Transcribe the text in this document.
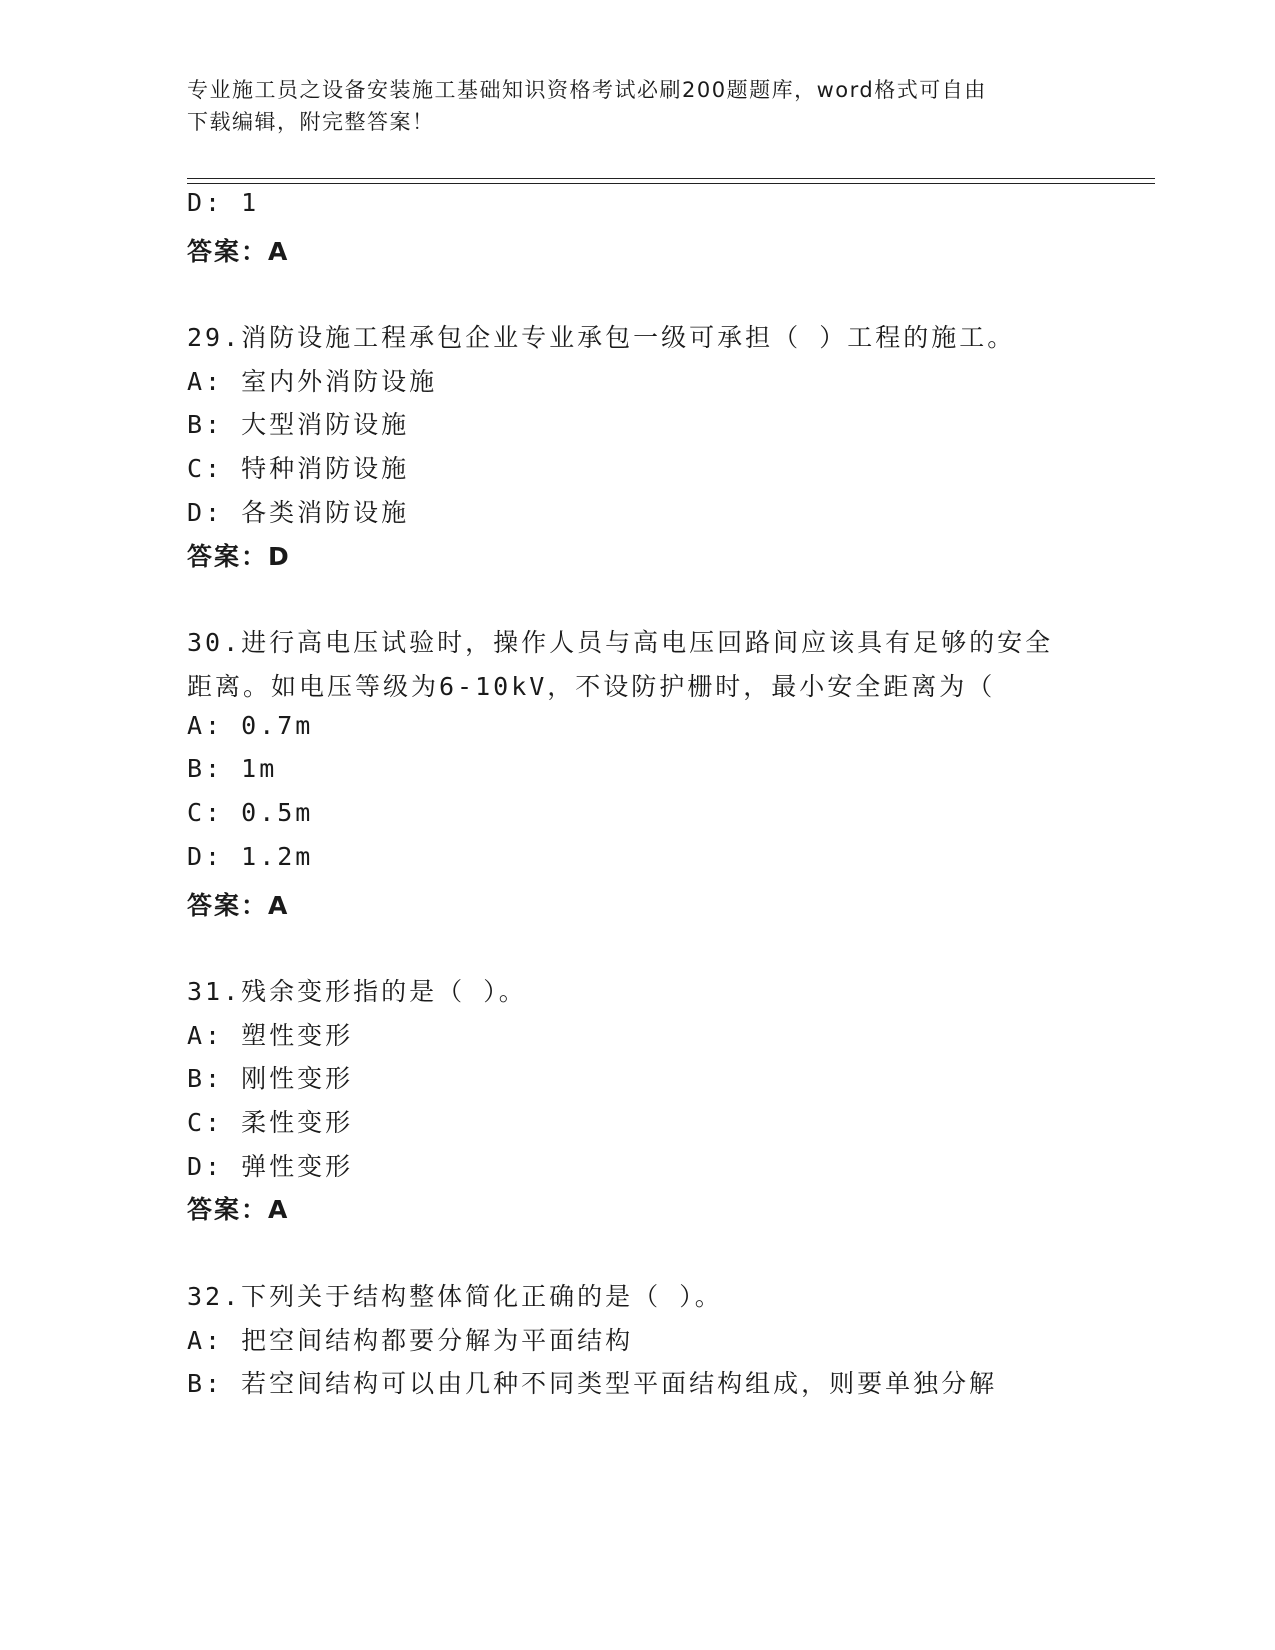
专业施工员之设备安装施工基础知识资格考试必刷200题题库，word格式可自由
下载编辑，附完整答案！
D: 1
答案：A
29.消防设施工程承包企业专业承包一级可承担（ ）工程的施工。
A: 室内外消防设施
B: 大型消防设施
C: 特种消防设施
D: 各类消防设施
答案：D
30.进行高电压试验时，操作人员与高电压回路间应该具有足够的安全
距离。如电压等级为6-10kV，不设防护栅时，最小安全距离为（
A: 0.7m
B: 1m
C: 0.5m
D: 1.2m
答案：A
31.残余变形指的是（ ）。
A: 塑性变形
B: 刚性变形
C: 柔性变形
D: 弹性变形
答案：A
32.下列关于结构整体简化正确的是（ ）。
A: 把空间结构都要分解为平面结构
B: 若空间结构可以由几种不同类型平面结构组成，则要单独分解
